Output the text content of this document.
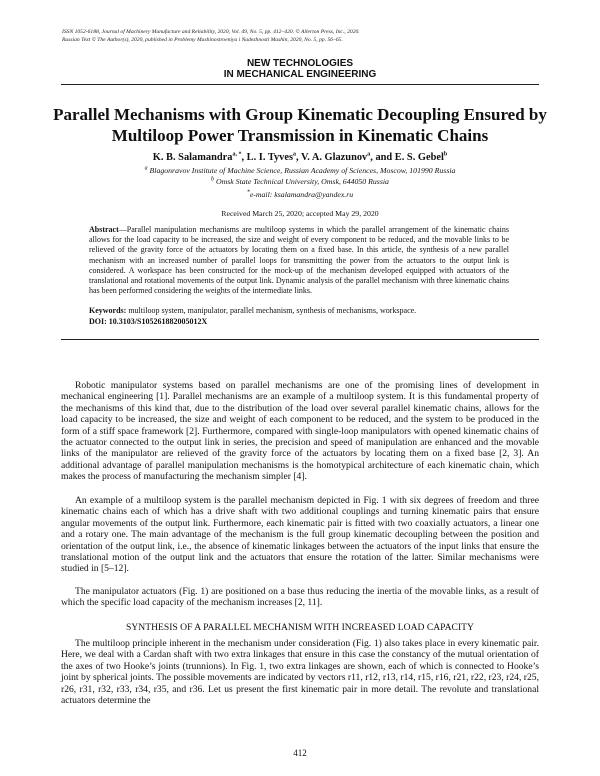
ISSN 1052-6188, Journal of Machinery Manufacture and Reliability, 2020, Vol. 49, No. 5, pp. 412–420. © Allerton Press, Inc., 2020.
Russian Text © The Author(s), 2020, published in Problemy Mashinostroeniya i Nadezhnosti Mashin, 2020, No. 5, pp. 56–65.
NEW TECHNOLOGIES
IN MECHANICAL ENGINEERING
Parallel Mechanisms with Group Kinematic Decoupling Ensured by Multiloop Power Transmission in Kinematic Chains
K. B. Salamandra$^{a, *}$, L. I. Tyves$^a$, V. A. Glazunov$^a$, and E. S. Gebel$^b$
$^a$ Blagonravov Institute of Machine Science, Russian Academy of Sciences, Moscow, 101990 Russia
$^b$ Omsk State Technical University, Omsk, 644050 Russia
*e-mail: ksalamandra@yandex.ru
Received March 25, 2020; accepted May 29, 2020
Abstract—Parallel manipulation mechanisms are multiloop systems in which the parallel arrangement of the kinematic chains allows for the load capacity to be increased, the size and weight of every component to be reduced, and the movable links to be relieved of the gravity force of the actuators by locating them on a fixed base. In this article, the synthesis of a new parallel mechanism with an increased number of parallel loops for transmitting the power from the actuators to the output link is considered. A workspace has been constructed for the mock-up of the mechanism developed equipped with actuators of the translational and rotational movements of the output link. Dynamic analysis of the parallel mechanism with three kinematic chains has been performed considering the weights of the intermediate links.
Keywords: multiloop system, manipulator, parallel mechanism, synthesis of mechanisms, workspace.
DOI: 10.3103/S105261882005012X
Robotic manipulator systems based on parallel mechanisms are one of the promising lines of development in mechanical engineering [1]. Parallel mechanisms are an example of a multiloop system. It is this fundamental property of the mechanisms of this kind that, due to the distribution of the load over several parallel kinematic chains, allows for the load capacity to be increased, the size and weight of each component to be reduced, and the system to be produced in the form of a stiff space framework [2]. Furthermore, compared with single-loop manipulators with opened kinematic chains of the actuator connected to the output link in series, the precision and speed of manipulation are enhanced and the movable links of the manipulator are relieved of the gravity force of the actuators by locating them on a fixed base [2, 3]. An additional advantage of parallel manipulation mechanisms is the homotypical architecture of each kinematic chain, which makes the process of manufacturing the mechanism simpler [4].
An example of a multiloop system is the parallel mechanism depicted in Fig. 1 with six degrees of freedom and three kinematic chains each of which has a drive shaft with two additional couplings and turning kinematic pairs that ensure angular movements of the output link. Furthermore, each kinematic pair is fitted with two coaxially actuators, a linear one and a rotary one. The main advantage of the mechanism is the full group kinematic decoupling between the position and orientation of the output link, i.e., the absence of kinematic linkages between the actuators of the input links that ensure the translational motion of the output link and the actuators that ensure the rotation of the latter. Similar mechanisms were studied in [5–12].
The manipulator actuators (Fig. 1) are positioned on a base thus reducing the inertia of the movable links, as a result of which the specific load capacity of the mechanism increases [2, 11].
SYNTHESIS OF A PARALLEL MECHANISM WITH INCREASED LOAD CAPACITY
The multiloop principle inherent in the mechanism under consideration (Fig. 1) also takes place in every kinematic pair. Here, we deal with a Cardan shaft with two extra linkages that ensure in this case the constancy of the mutual orientation of the axes of two Hooke’s joints (trunnions). In Fig. 1, two extra linkages are shown, each of which is connected to Hooke’s joint by spherical joints. The possible movements are indicated by vectors r11, r12, r13, r14, r15, r16, r21, r22, r23, r24, r25, r26, r31, r32, r33, r34, r35, and r36. Let us present the first kinematic pair in more detail. The revolute and translational actuators determine the
412
